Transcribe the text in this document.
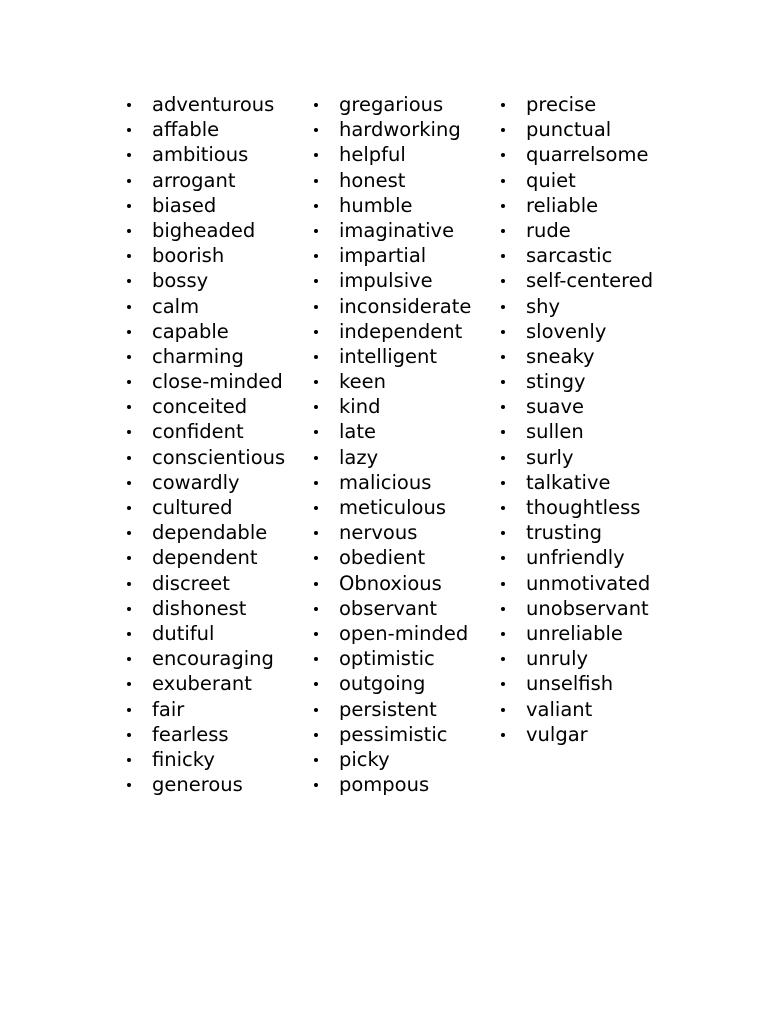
adventurous
affable
ambitious
arrogant
biased
bigheaded
boorish
bossy
calm
capable
charming
close-minded
conceited
confident
conscientious
cowardly
cultured
dependable
dependent
discreet
dishonest
dutiful
encouraging
exuberant
fair
fearless
finicky
generous
gregarious
hardworking
helpful
honest
humble
imaginative
impartial
impulsive
inconsiderate
independent
intelligent
keen
kind
late
lazy
malicious
meticulous
nervous
obedient
Obnoxious
observant
open-minded
optimistic
outgoing
persistent
pessimistic
picky
pompous
precise
punctual
quarrelsome
quiet
reliable
rude
sarcastic
self-centered
shy
slovenly
sneaky
stingy
suave
sullen
surly
talkative
thoughtless
trusting
unfriendly
unmotivated
unobservant
unreliable
unruly
unselfish
valiant
vulgar
